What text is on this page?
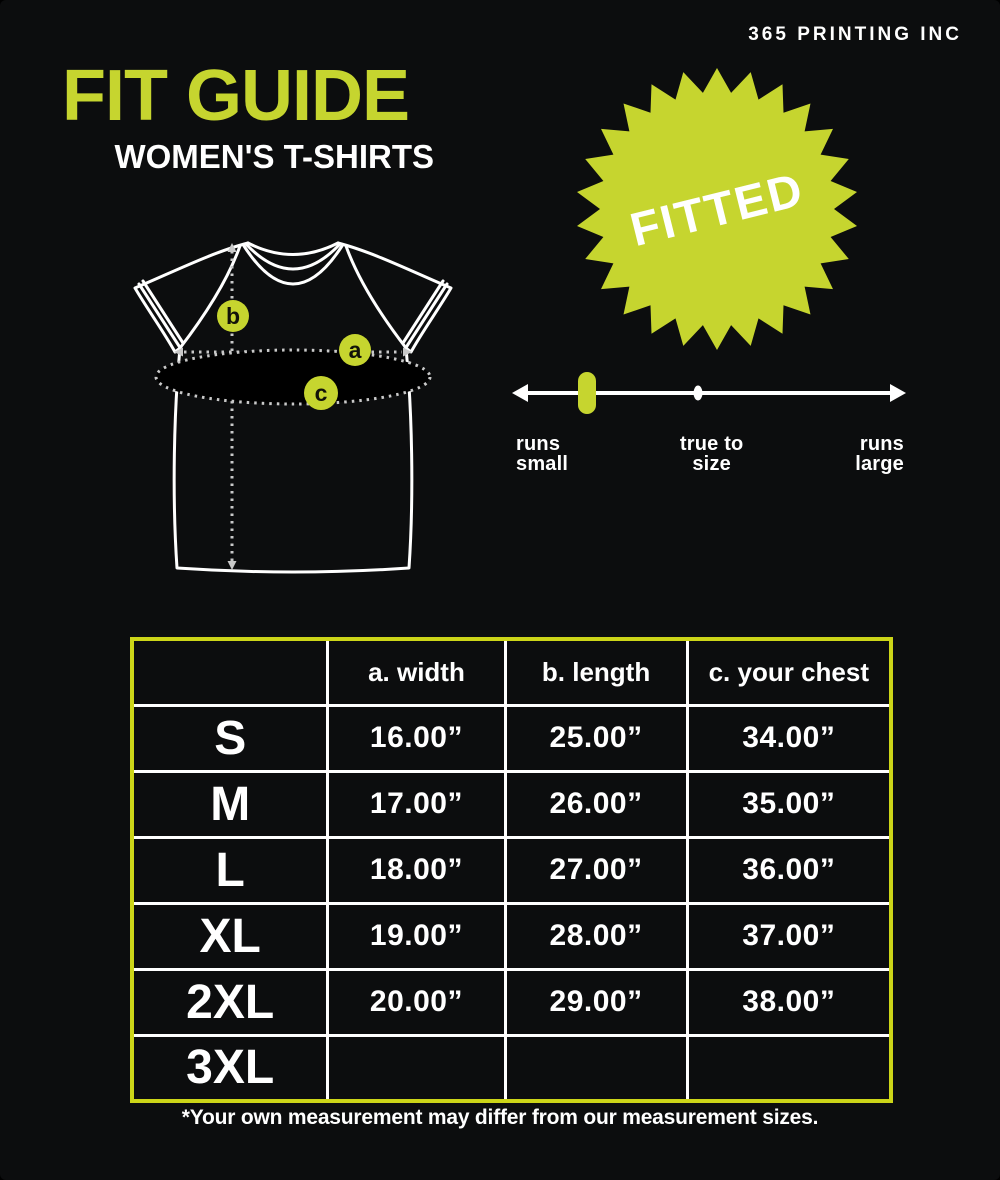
365 PRINTING INC
FIT GUIDE
WOMEN'S T-SHIRTS
FITTED
b
a
c
runs
small
true to
size
runs
large
	a. width	b. length	c. your chest
S	16.00”	25.00”	34.00”
M	17.00”	26.00”	35.00”
L	18.00”	27.00”	36.00”
XL	19.00”	28.00”	37.00”
2XL	20.00”	29.00”	38.00”
3XL			
*Your own measurement may differ from our measurement sizes.
